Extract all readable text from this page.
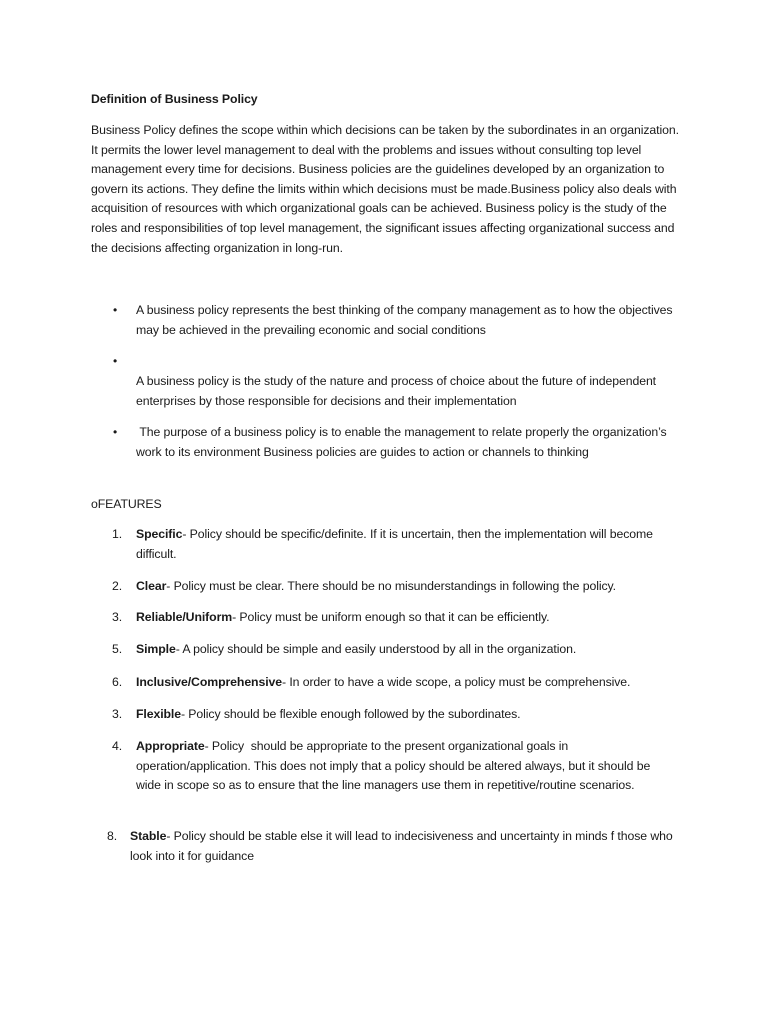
Definition of Business Policy
Business Policy defines the scope within which decisions can be taken by the subordinates in an organization. It permits the lower level management to deal with the problems and issues without consulting top level management every time for decisions. Business policies are the guidelines developed by an organization to govern its actions. They define the limits within which decisions must be made.Business policy also deals with acquisition of resources with which organizational goals can be achieved. Business policy is the study of the roles and responsibilities of top level management, the significant issues affecting organizational success and the decisions affecting organization in long-run.
• A business policy represents the best thinking of the company management as to how the objectives may be achieved in the prevailing economic and social conditions
•
A business policy is the study of the nature and process of choice about the future of independent enterprises by those responsible for decisions and their implementation
• The purpose of a business policy is to enable the management to relate properly the organization’s work to its environment Business policies are guides to action or channels to thinking
oFEATURES
1.	Specific- Policy should be specific/definite. If it is uncertain, then the implementation will become difficult.
2.	Clear- Policy must be clear. There should be no misunderstandings in following the policy.
3.	Reliable/Uniform- Policy must be uniform enough so that it can be efficiently.
5.	Simple- A policy should be simple and easily understood by all in the organization.
6.	Inclusive/Comprehensive- In order to have a wide scope, a policy must be comprehensive.
3.	Flexible- Policy should be flexible enough followed by the subordinates.
4.	Appropriate- Policy  should be appropriate to the present organizational goals in operation/application. This does not imply that a policy should be altered always, but it should be wide in scope so as to ensure that the line managers use them in repetitive/routine scenarios.
8.	Stable- Policy should be stable else it will lead to indecisiveness and uncertainty in minds f those who look into it for guidance
